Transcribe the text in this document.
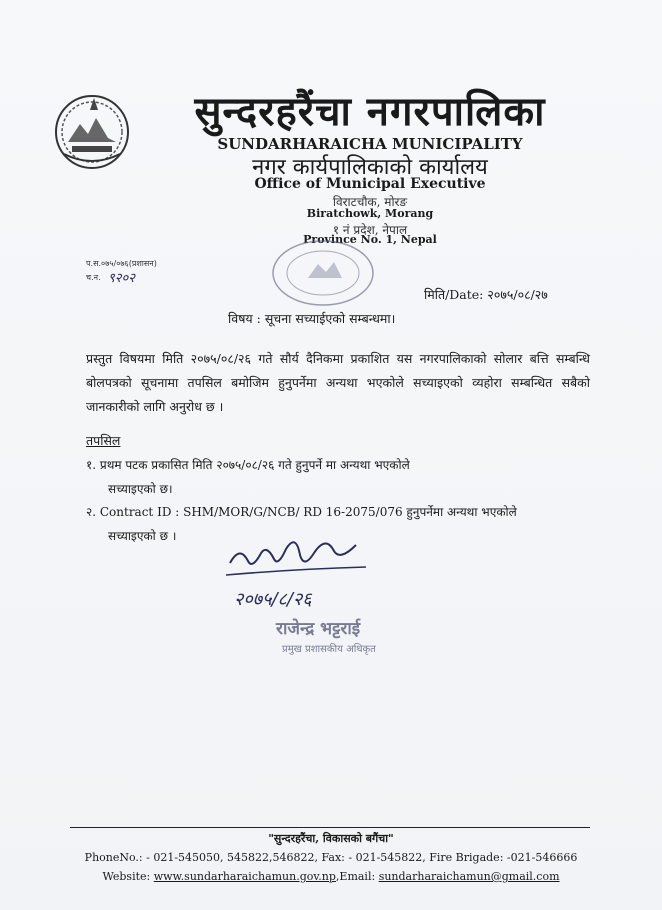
सुन्दरहरैंचा नगरपालिका
SUNDARHARAICHA MUNICIPALITY
नगर कार्यपालिकाको कार्यालय
Office of Municipal Executive
विराटचौक, मोरङ
Biratchowk, Morang
१ नं प्रदेश, नेपाल
Province No. 1, Nepal
प.स.०७५/०७६(प्रशासन)
च.न. ९२०२
मिति/Date: २०७५/०८/२७
विषय : सूचना सच्याईएको सम्बन्धमा।
प्रस्तुत विषयमा मिति २०७५/०८/२६ गते सौर्य दैनिकमा प्रकाशित यस नगरपालिकाको सोलार बत्ति सम्बन्धि बोलपत्रको सूचनामा तपसिल बमोजिम हुनुपर्नेमा अन्यथा भएकोले सच्याइएको व्यहोरा सम्बन्धित सबैको जानकारीको लागि अनुरोध छ ।
तपसिल
१. प्रथम पटक प्रकासित मिति २०७५/०८/२६ गते हुनुपर्ने मा अन्यथा भएकोले
सच्याइएको छ।
२. Contract ID : SHM/MOR/G/NCB/ RD 16-2075/076 हुनुपर्नेमा अन्यथा भएकोले
सच्याइएको छ ।
२०७५/८/२६
राजेन्द्र भट्टराई
प्रमुख प्रशासकीय अधिकृत
"सुन्दरहरैंचा, विकासको बगैंचा"
PhoneNo.: - 021-545050, 545822,546822, Fax: - 021-545822, Fire Brigade: -021-546666
Website: www.sundarharaichamun.gov.np,Email: sundarharaichamun@gmail.com
